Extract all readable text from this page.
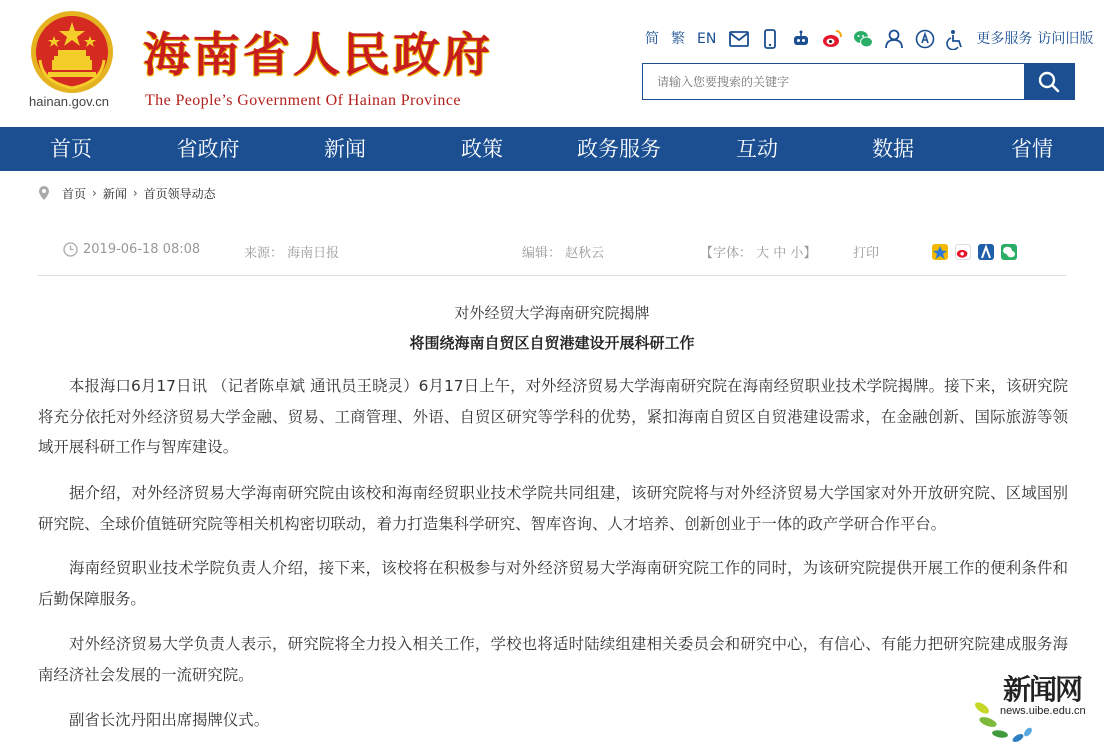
hainan.gov.cn
海南省人民政府
The People’s Government Of Hainan Province
简 繁 EN	更多服务 访问旧版
请输入您要搜索的关键字
首页	省政府	新闻	政策	政务服务	互动	数据	省情
首页 › 新闻 › 首页领导动态
2019-06-18 08:08	来源： 海南日报	编辑： 赵秋云	【字体： 大 中 小】	打印
对外经贸大学海南研究院揭牌
将围绕海南自贸区自贸港建设开展科研工作

本报海口6月17日讯 （记者陈卓斌 通讯员王晓灵）6月17日上午，对外经济贸易大学海南研究院在海南经贸职业技术学院揭牌。接下来，该研究院将充分依托对外经济贸易大学金融、贸易、工商管理、外语、自贸区研究等学科的优势，紧扣海南自贸区自贸港建设需求，在金融创新、国际旅游等领域开展科研工作与智库建设。

据介绍，对外经济贸易大学海南研究院由该校和海南经贸职业技术学院共同组建，该研究院将与对外经济贸易大学国家对外开放研究院、区域国别研究院、全球价值链研究院等相关机构密切联动，着力打造集科学研究、智库咨询、人才培养、创新创业于一体的政产学研合作平台。

海南经贸职业技术学院负责人介绍，接下来，该校将在积极参与对外经济贸易大学海南研究院工作的同时，为该研究院提供开展工作的便利条件和后勤保障服务。

对外经济贸易大学负责人表示，研究院将全力投入相关工作，学校也将适时陆续组建相关委员会和研究中心，有信心、有能力把研究院建成服务海南经济社会发展的一流研究院。

副省长沈丹阳出席揭牌仪式。

新闻网
news.uibe.edu.cn
